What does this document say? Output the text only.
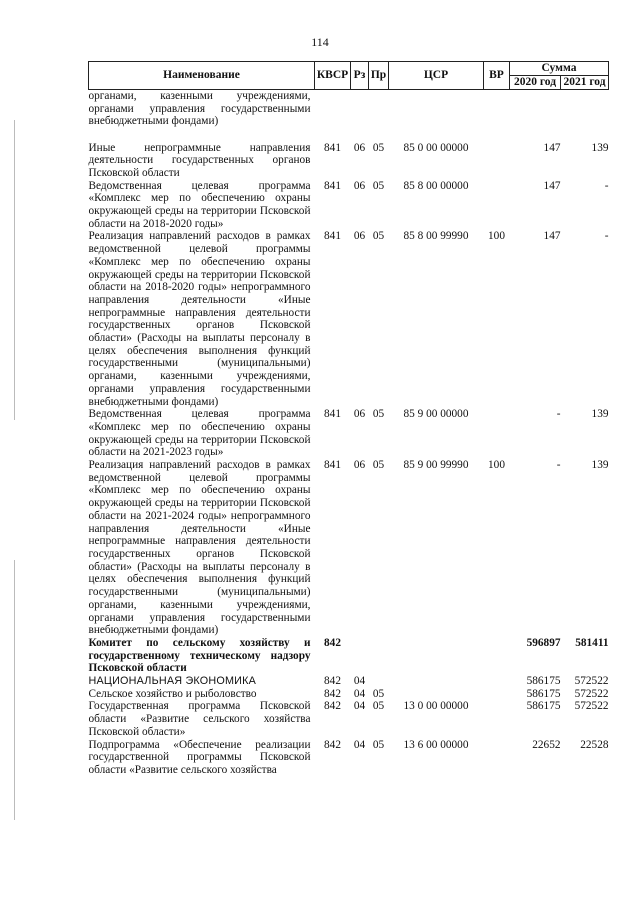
114
Наименование	КВСР	Рз	Пр	ЦСР	ВР	Сумма	
						2020 год	2021 год
органами, казенными учреждениями, органами управления государственными внебюджетными фондами)							
Иные непрограммные направления деятельности государственных органов Псковской области	841	06	05	85 0 00 00000		147	139
Ведомственная целевая программа «Комплекс мер по обеспечению охраны окружающей среды на территории Псковской области на 2018-2020 годы»	841	06	05	85 8 00 00000		147	-
Реализация направлений расходов в рамках ведомственной целевой программы «Комплекс мер по обеспечению охраны окружающей среды на территории Псковской области на 2018-2020 годы» непрограммного направления деятельности «Иные непрограммные направления деятельности государственных органов Псковской области» (Расходы на выплаты персоналу в целях обеспечения выполнения функций государственными (муниципальными) органами, казенными учреждениями, органами управления государственными внебюджетными фондами)	841	06	05	85 8 00 99990	100	147	-
Ведомственная целевая программа «Комплекс мер по обеспечению охраны окружающей среды на территории Псковской области на 2021-2023 годы»	841	06	05	85 9 00 00000		-	139
Реализация направлений расходов в рамках ведомственной целевой программы «Комплекс мер по обеспечению охраны окружающей среды на территории Псковской области на 2021-2024 годы» непрограммного направления деятельности «Иные непрограммные направления деятельности государственных органов Псковской области» (Расходы на выплаты персоналу в целях обеспечения выполнения функций государственными (муниципальными) органами, казенными учреждениями, органами управления государственными внебюджетными фондами)	841	06	05	85 9 00 99990	100	-	139
Комитет по сельскому хозяйству и государственному техническому надзору Псковской области	842					596897	581411
НАЦИОНАЛЬНАЯ ЭКОНОМИКА	842	04				586175	572522
Сельское хозяйство и рыболовство	842	04	05			586175	572522
Государственная программа Псковской области «Развитие сельского хозяйства Псковской области»	842	04	05	13 0 00 00000		586175	572522
Подпрограмма «Обеспечение реализации государственной программы Псковской области «Развитие сельского хозяйства	842	04	05	13 6 00 00000		22652	22528
